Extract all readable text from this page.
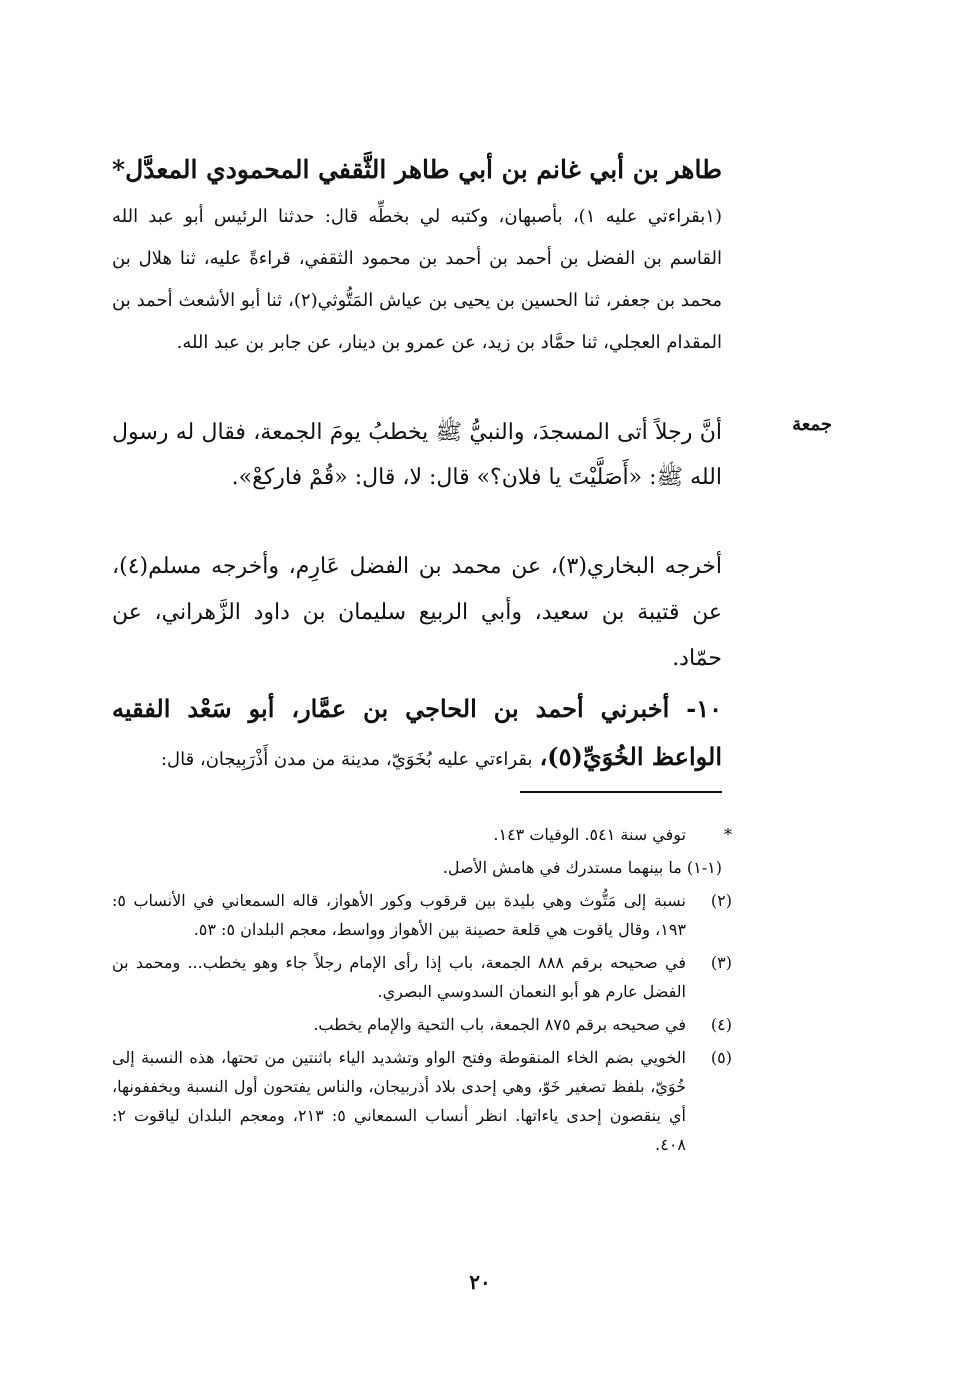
طاهر بن أبي غانم بن أبي طاهر الثَّقفي المحمودي المعدَّل*

(١بقراءتي عليه ١)، بأصبهان، وكتبه لي بخطِّه قال: حدثنا الرئيس أبو عبد الله القاسم بن الفضل بن أحمد بن أحمد بن محمود الثقفي، قراءةً عليه، ثنا هلال بن محمد بن جعفر، ثنا الحسين بن يحيى بن عياش المَتُّوثي(٢)، ثنا أبو الأشعث أحمد بن المقدام العجلي، ثنا حمَّاد بن زيد، عن عمرو بن دينار، عن جابر بن عبد الله.

جمعة

أنَّ رجلاً أتى المسجدَ، والنبيُّ ﷺ يخطبُ يومَ الجمعة، فقال له رسول الله ﷺ: «أَصَلَّيْتَ يا فلان؟» قال: لا، قال: «قُمْ فاركعْ».

أخرجه البخاري(٣)، عن محمد بن الفضل عَارِم، وأخرجه مسلم(٤)، عن قتيبة بن سعيد، وأبي الربيع سليمان بن داود الزَّهراني، عن حمّاد.

١٠- أخبرني أحمد بن الحاجي بن عمَّار، أبو سَعْد الفقيه الواعظ الخُوَيِّ(٥)، بقراءتي عليه بُخَوَيّ، مدينة من مدن أَذْرَبِيجان، قال:

*
توفي سنة ٥٤١. الوفيات ١٤٣.
(١-١) ما بينهما مستدرك في هامش الأصل.
(٢)
نسبة إلى مَتُّوث وهي بليدة بين قرقوب وكور الأهواز، قاله السمعاني في الأنساب ٥: ١٩٣، وقال ياقوت هي قلعة حصينة بين الأهواز وواسط، معجم البلدان ٥: ٥٣.
(٣)
في صحيحه برقم ٨٨٨ الجمعة، باب إذا رأى الإمام رجلاً جاء وهو يخطب... ومحمد بن الفضل عارم هو أبو النعمان السدوسي البصري.
(٤)
في صحيحه برقم ٨٧٥ الجمعة، باب التحية والإمام يخطب.
(٥)
الخويي بضم الخاء المنقوطة وفتح الواو وتشديد الياء باثنتين من تحتها، هذه النسبة إلى خُوَيّ، بلفظ تصغير خَوّ، وهي إحدى بلاد أذربيجان، والناس يفتحون أول النسبة ويخففونها، أي ينقصون إحدى ياءاتها. انظر أنساب السمعاني ٥: ٢١٣، ومعجم البلدان لياقوت ٢: ٤٠٨.
٢٠
